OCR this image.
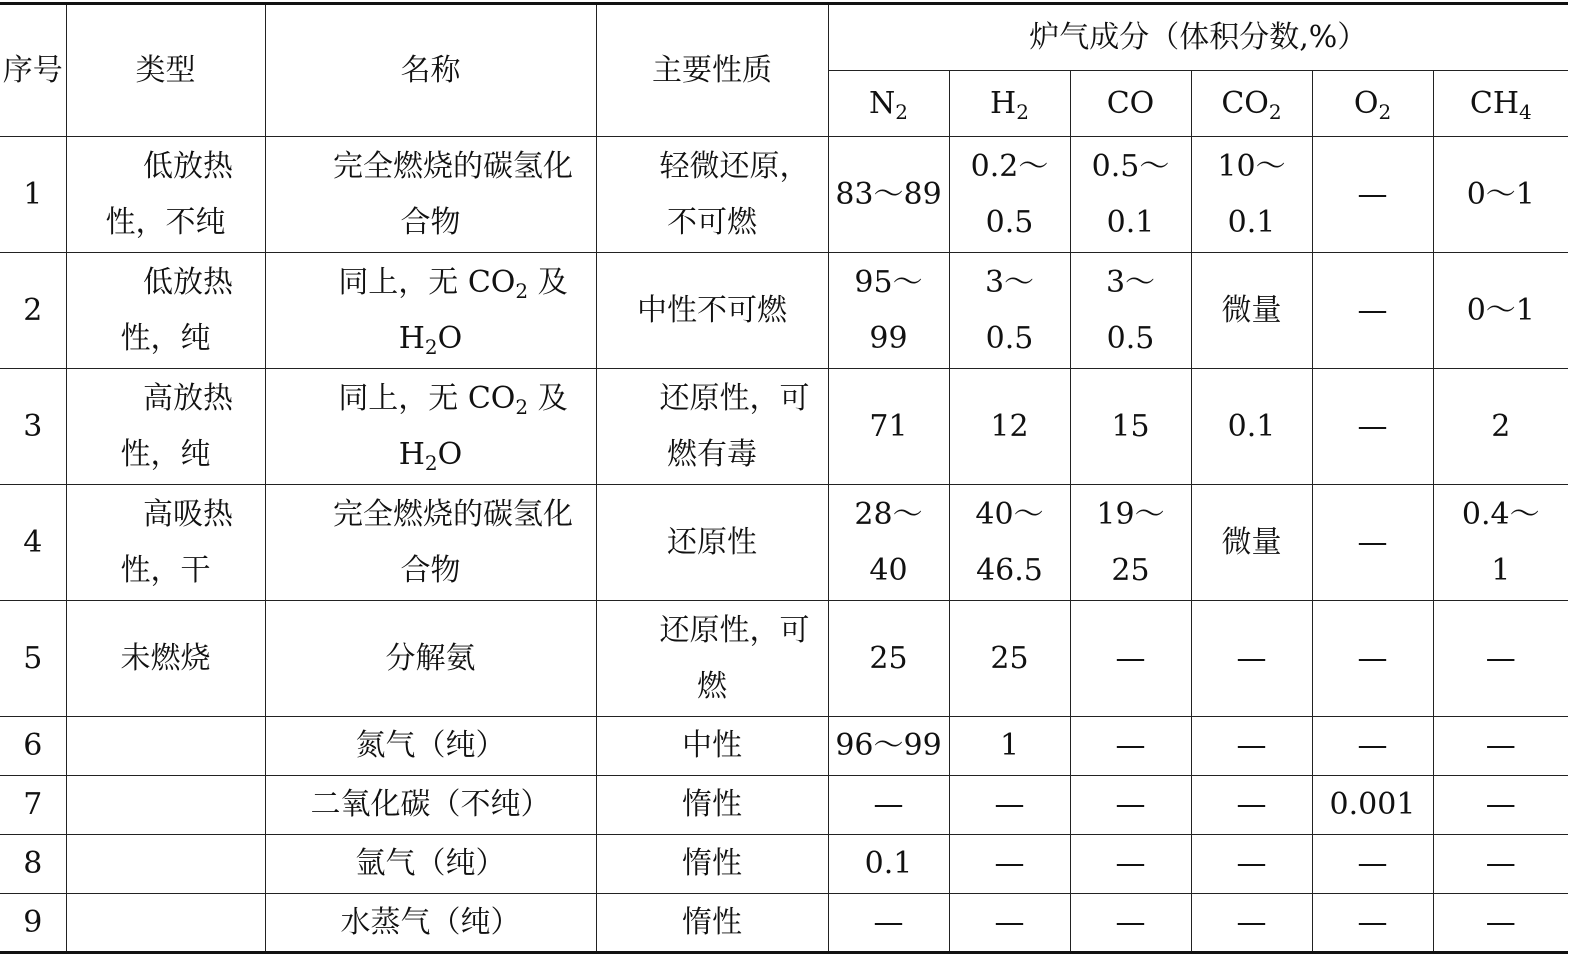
序号	类型	名称	主要性质	炉气成分（体积分数,%）					
				$N_2$	$H_2$	CO	$CO_2$	$O_2$	$CH_4$
1	低放热性，不纯	完全燃烧的碳氢化合物	轻微还原，不可燃	83～89	0.2～0.5	0.5～0.1	10～0.1	—	0～1
2	低放热性，纯	同上，无 $CO_2$ 及 $H_2O$	中性不可燃	95～99	3～0.5	3～0.5	微量	—	0～1
3	高放热性，纯	同上，无 $CO_2$ 及 $H_2O$	还原性，可燃有毒	71	12	15	0.1	—	2
4	高吸热性，干	完全燃烧的碳氢化合物	还原性	28～40	40～46.5	19～25	微量	—	0.4～1
5	未燃烧	分解氨	还原性，可燃	25	25	—	—	—	—
6		氮气（纯）	中性	96～99	1	—	—	—	—
7		二氧化碳（不纯）	惰性	—	—	—	—	0.001	—
8		氩气（纯）	惰性	0.1	—	—	—	—	—
9		水蒸气（纯）	惰性	—	—	—	—	—	—
